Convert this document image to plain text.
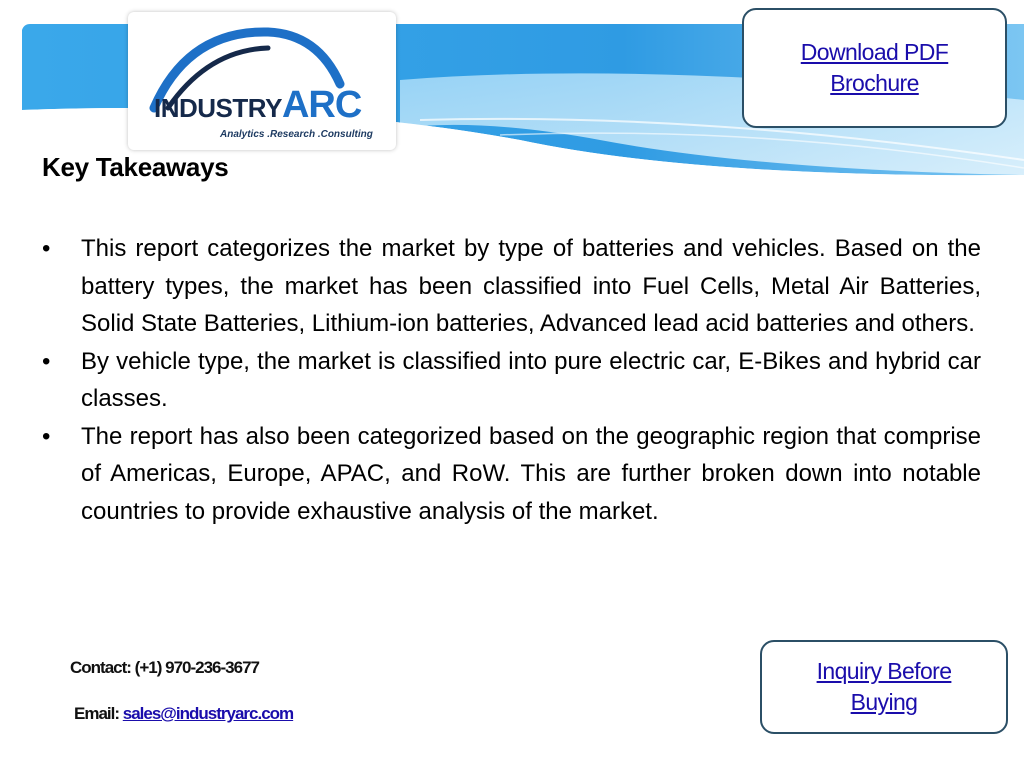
INDUSTRYARC
Analytics .Research .Consulting
Download PDF
Brochure
Key Takeaways
• This report categorizes the market by type of batteries and vehicles. Based on the battery types, the market has been classified into Fuel Cells, Metal Air Batteries, Solid State Batteries, Lithium-ion batteries, Advanced lead acid batteries and others.
• By vehicle type, the market is classified into pure electric car, E-Bikes and hybrid car classes.
• The report has also been categorized based on the geographic region that comprise of Americas, Europe, APAC, and RoW. This are further broken down into notable countries to provide exhaustive analysis of the market.
Contact: (+1) 970-236-3677
Email: sales@industryarc.com
Inquiry Before
Buying
